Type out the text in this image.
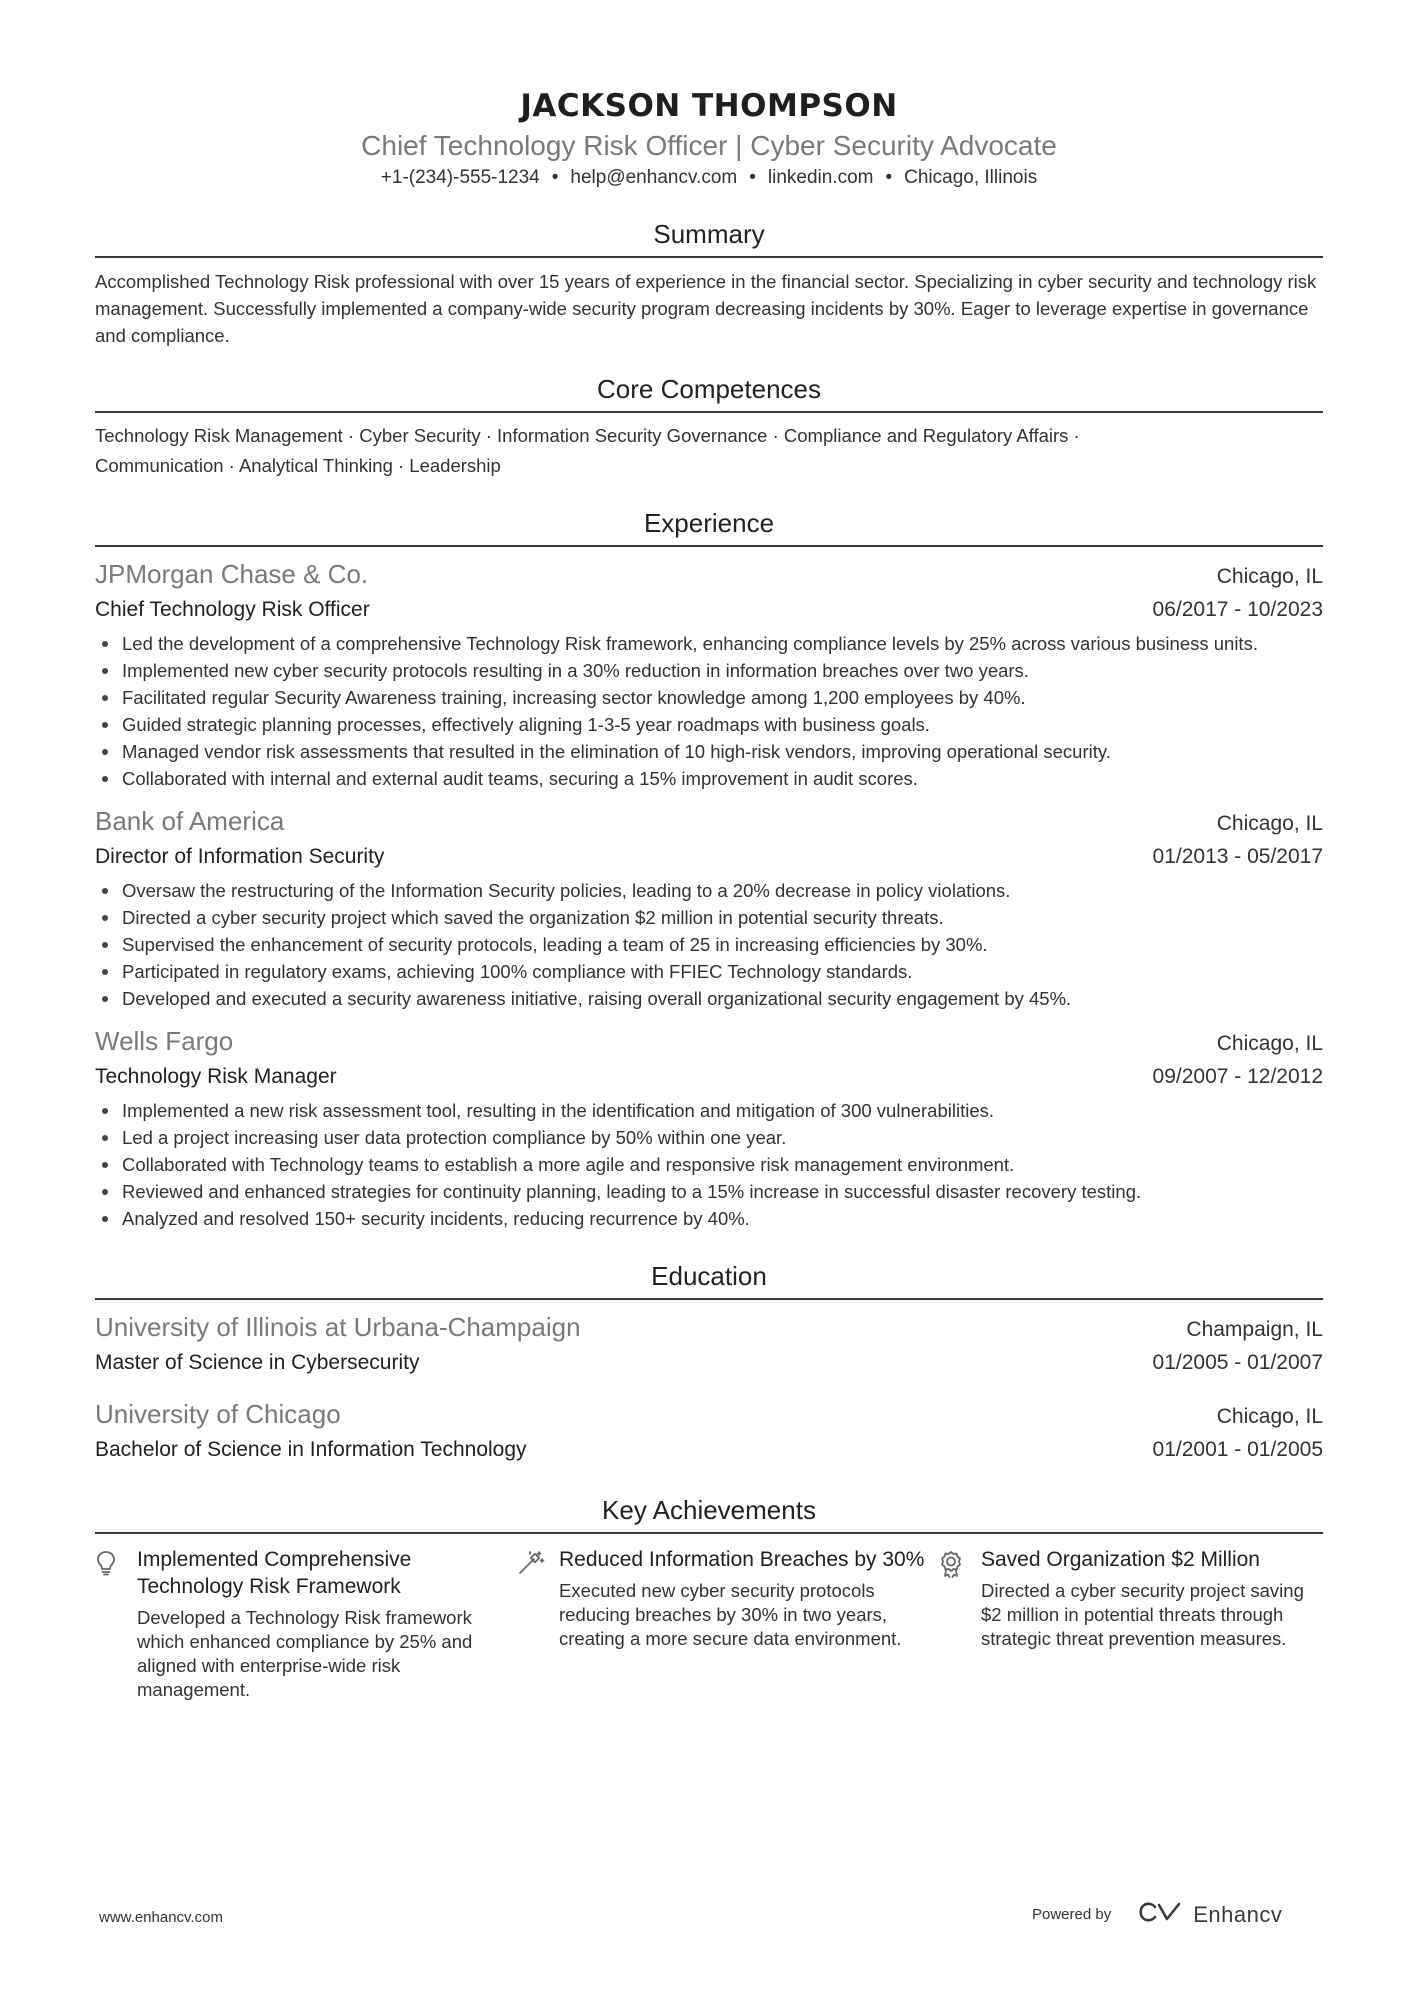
JACKSON THOMPSON
Chief Technology Risk Officer | Cyber Security Advocate
+1-(234)-555-1234 • help@enhancv.com • linkedin.com • Chicago, Illinois
Summary
Accomplished Technology Risk professional with over 15 years of experience in the financial sector. Specializing in cyber security and technology risk management. Successfully implemented a company-wide security program decreasing incidents by 30%. Eager to leverage expertise in governance and compliance.
Core Competences
Technology Risk Management · Cyber Security · Information Security Governance · Compliance and Regulatory Affairs ·
Communication · Analytical Thinking · Leadership
Experience
JPMorgan Chase & Co.	Chicago, IL
Chief Technology Risk Officer	06/2017 - 10/2023
Led the development of a comprehensive Technology Risk framework, enhancing compliance levels by 25% across various business units.
Implemented new cyber security protocols resulting in a 30% reduction in information breaches over two years.
Facilitated regular Security Awareness training, increasing sector knowledge among 1,200 employees by 40%.
Guided strategic planning processes, effectively aligning 1-3-5 year roadmaps with business goals.
Managed vendor risk assessments that resulted in the elimination of 10 high-risk vendors, improving operational security.
Collaborated with internal and external audit teams, securing a 15% improvement in audit scores.
Bank of America	Chicago, IL
Director of Information Security	01/2013 - 05/2017
Oversaw the restructuring of the Information Security policies, leading to a 20% decrease in policy violations.
Directed a cyber security project which saved the organization $2 million in potential security threats.
Supervised the enhancement of security protocols, leading a team of 25 in increasing efficiencies by 30%.
Participated in regulatory exams, achieving 100% compliance with FFIEC Technology standards.
Developed and executed a security awareness initiative, raising overall organizational security engagement by 45%.
Wells Fargo	Chicago, IL
Technology Risk Manager	09/2007 - 12/2012
Implemented a new risk assessment tool, resulting in the identification and mitigation of 300 vulnerabilities.
Led a project increasing user data protection compliance by 50% within one year.
Collaborated with Technology teams to establish a more agile and responsive risk management environment.
Reviewed and enhanced strategies for continuity planning, leading to a 15% increase in successful disaster recovery testing.
Analyzed and resolved 150+ security incidents, reducing recurrence by 40%.
Education
University of Illinois at Urbana-Champaign	Champaign, IL
Master of Science in Cybersecurity	01/2005 - 01/2007
University of Chicago	Chicago, IL
Bachelor of Science in Information Technology	01/2001 - 01/2005
Key Achievements
Implemented Comprehensive Technology Risk Framework
Developed a Technology Risk framework which enhanced compliance by 25% and aligned with enterprise-wide risk management.
Reduced Information Breaches by 30%
Executed new cyber security protocols reducing breaches by 30% in two years, creating a more secure data environment.
Saved Organization $2 Million
Directed a cyber security project saving $2 million in potential threats through strategic threat prevention measures.
www.enhancv.com	Powered by	Enhancv
